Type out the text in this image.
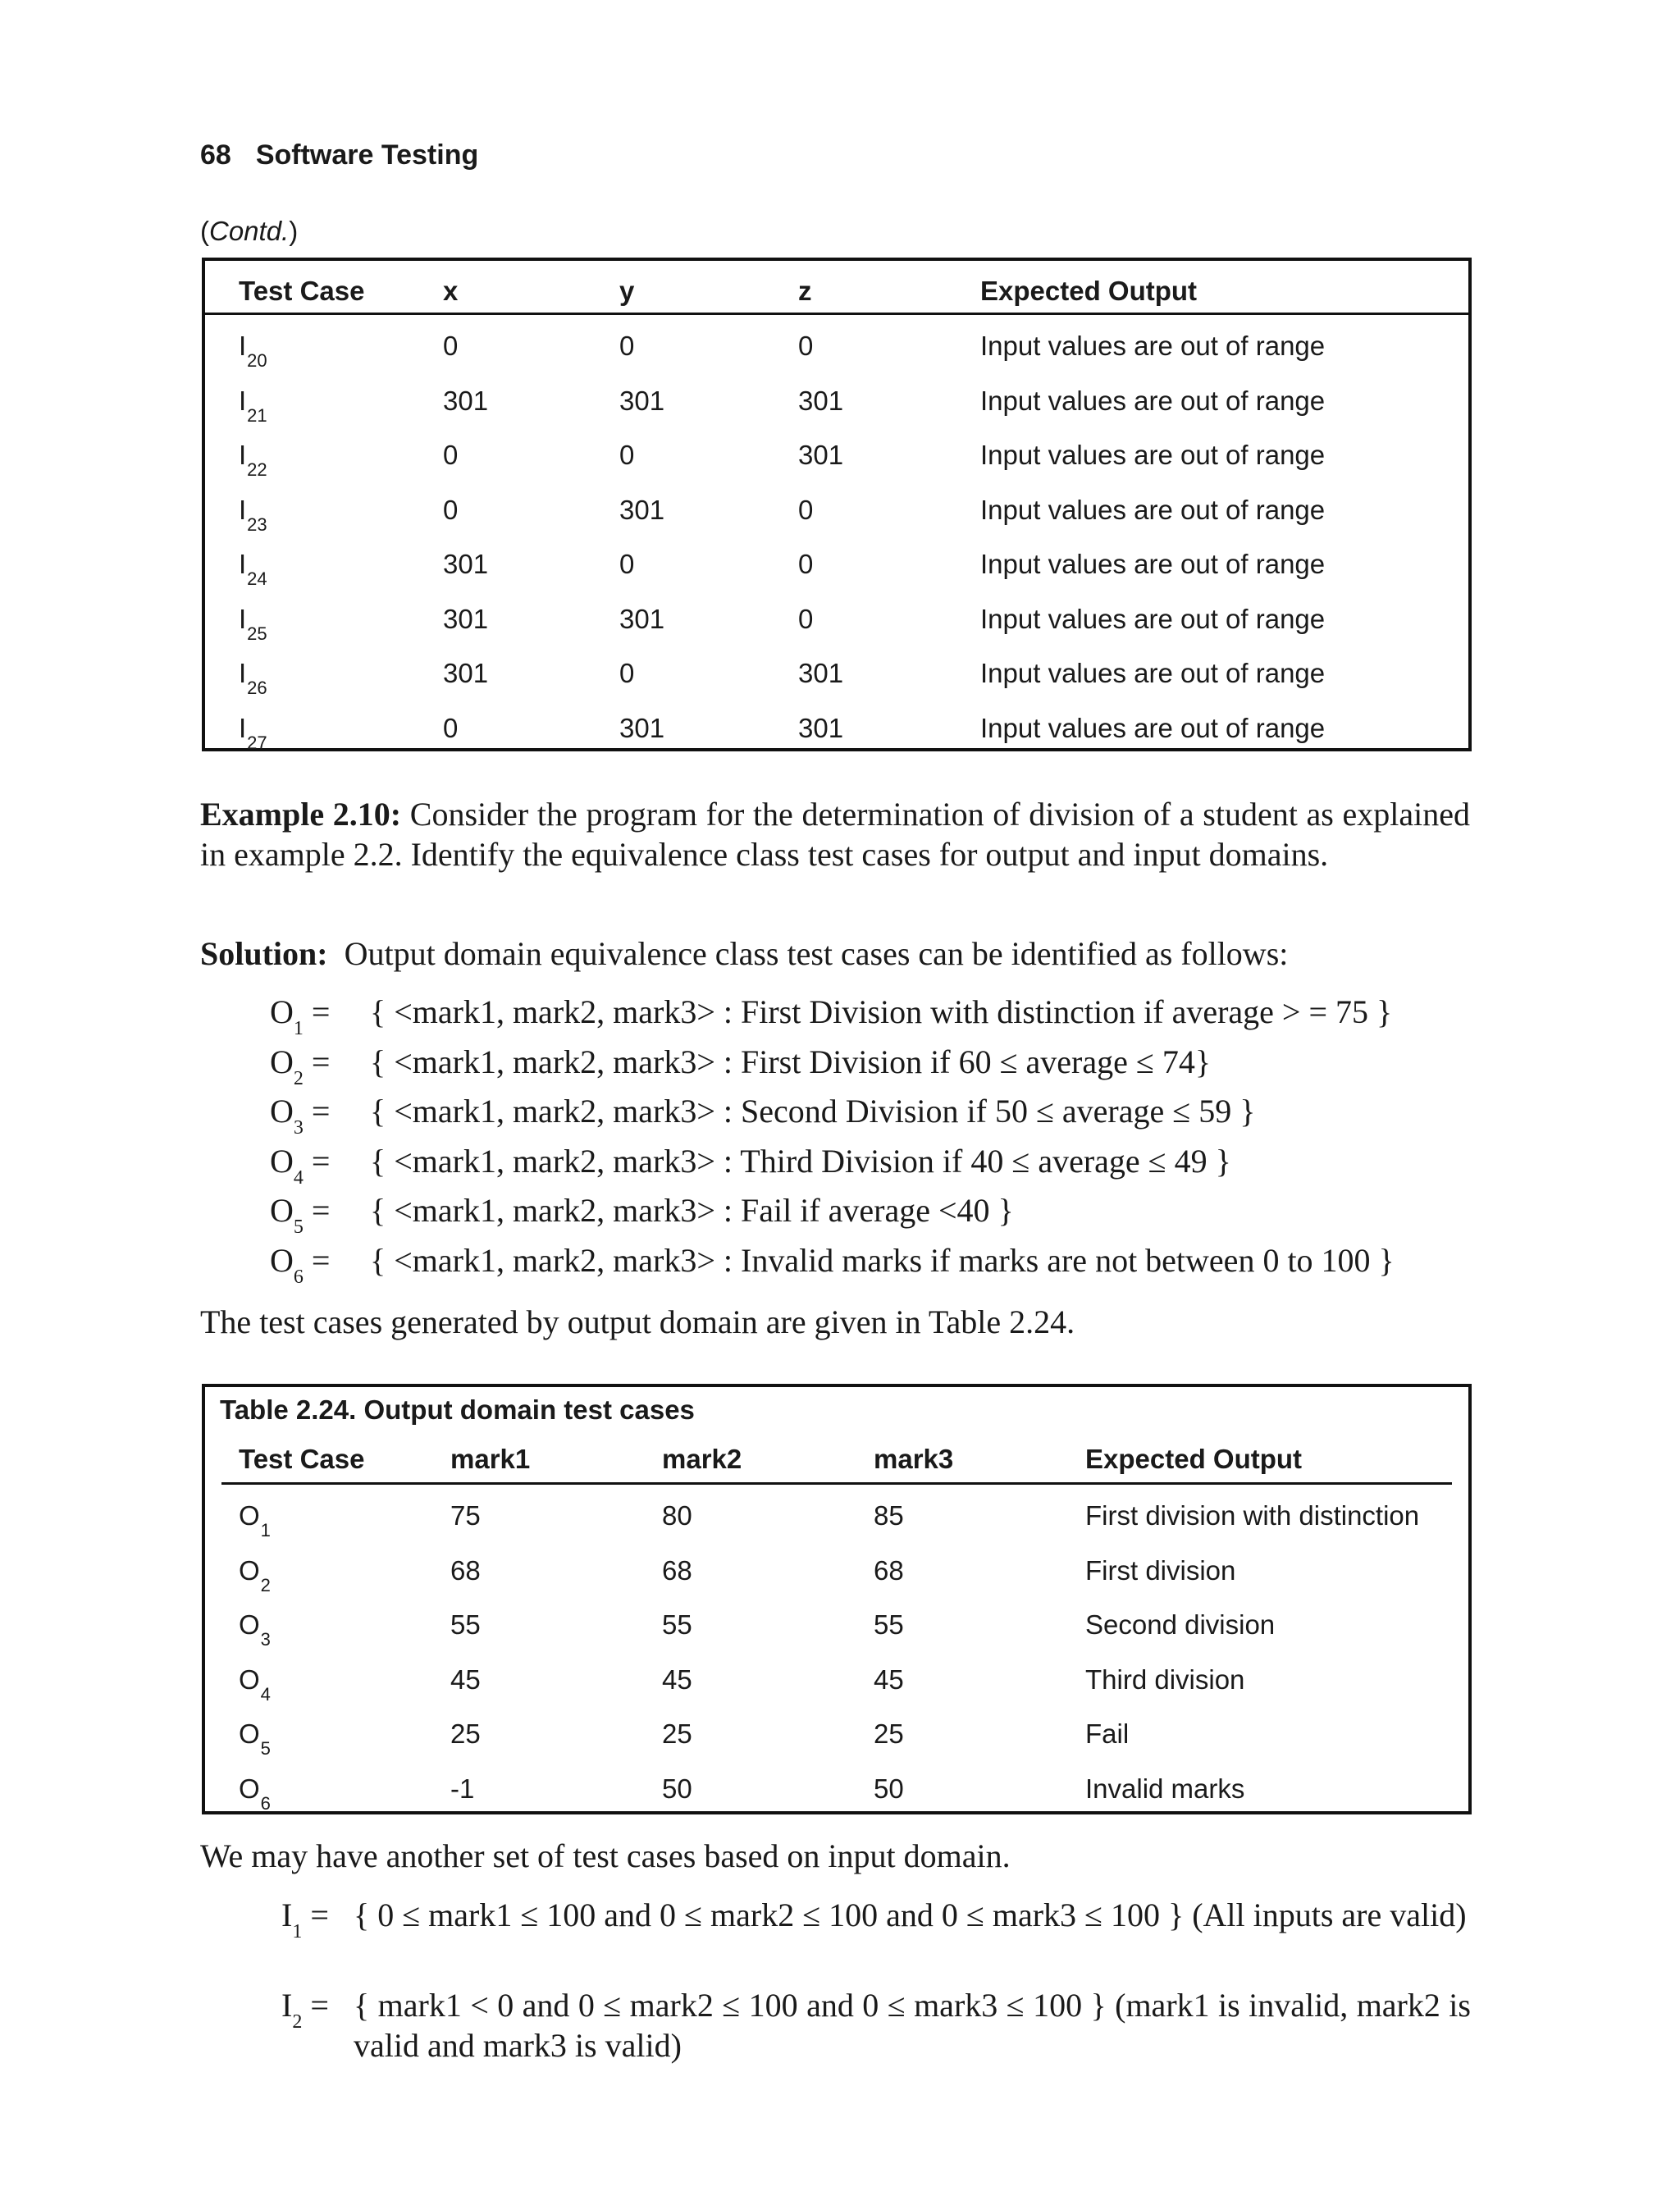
68 Software Testing
(Contd.)
Test Case	x	y	z	Expected Output
$I_{20}$	0	0	0	Input values are out of range
$I_{21}$	301	301	301	Input values are out of range
$I_{22}$	0	0	301	Input values are out of range
$I_{23}$	0	301	0	Input values are out of range
$I_{24}$	301	0	0	Input values are out of range
$I_{25}$	301	301	0	Input values are out of range
$I_{26}$	301	0	301	Input values are out of range
$I_{27}$	0	301	301	Input values are out of range
Example 2.10: Consider the program for the determination of division of a student as explained in example 2.2. Identify the equivalence class test cases for output and input domains.
Solution: Output domain equivalence class test cases can be identified as follows:
$O_1$ = { <mark1, mark2, mark3> : First Division with distinction if average > = 75 }
$O_2$ = { <mark1, mark2, mark3> : First Division if 60 ≤ average ≤ 74}
$O_3$ = { <mark1, mark2, mark3> : Second Division if 50 ≤ average ≤ 59 }
$O_4$ = { <mark1, mark2, mark3> : Third Division if 40 ≤ average ≤ 49 }
$O_5$ = { <mark1, mark2, mark3> : Fail if average <40 }
$O_6$ = { <mark1, mark2, mark3> : Invalid marks if marks are not between 0 to 100 }
The test cases generated by output domain are given in Table 2.24.
Table 2.24. Output domain test cases
Test Case	mark1	mark2	mark3	Expected Output
$O_1$	75	80	85	First division with distinction
$O_2$	68	68	68	First division
$O_3$	55	55	55	Second division
$O_4$	45	45	45	Third division
$O_5$	25	25	25	Fail
$O_6$	-1	50	50	Invalid marks
We may have another set of test cases based on input domain.
$I_1$ = { 0 ≤ mark1 ≤ 100 and 0 ≤ mark2 ≤ 100 and 0 ≤ mark3 ≤ 100 } (All inputs are valid)
$I_2$ = { mark1 < 0 and 0 ≤ mark2 ≤ 100 and 0 ≤ mark3 ≤ 100 } (mark1 is invalid, mark2 is valid and mark3 is valid)
